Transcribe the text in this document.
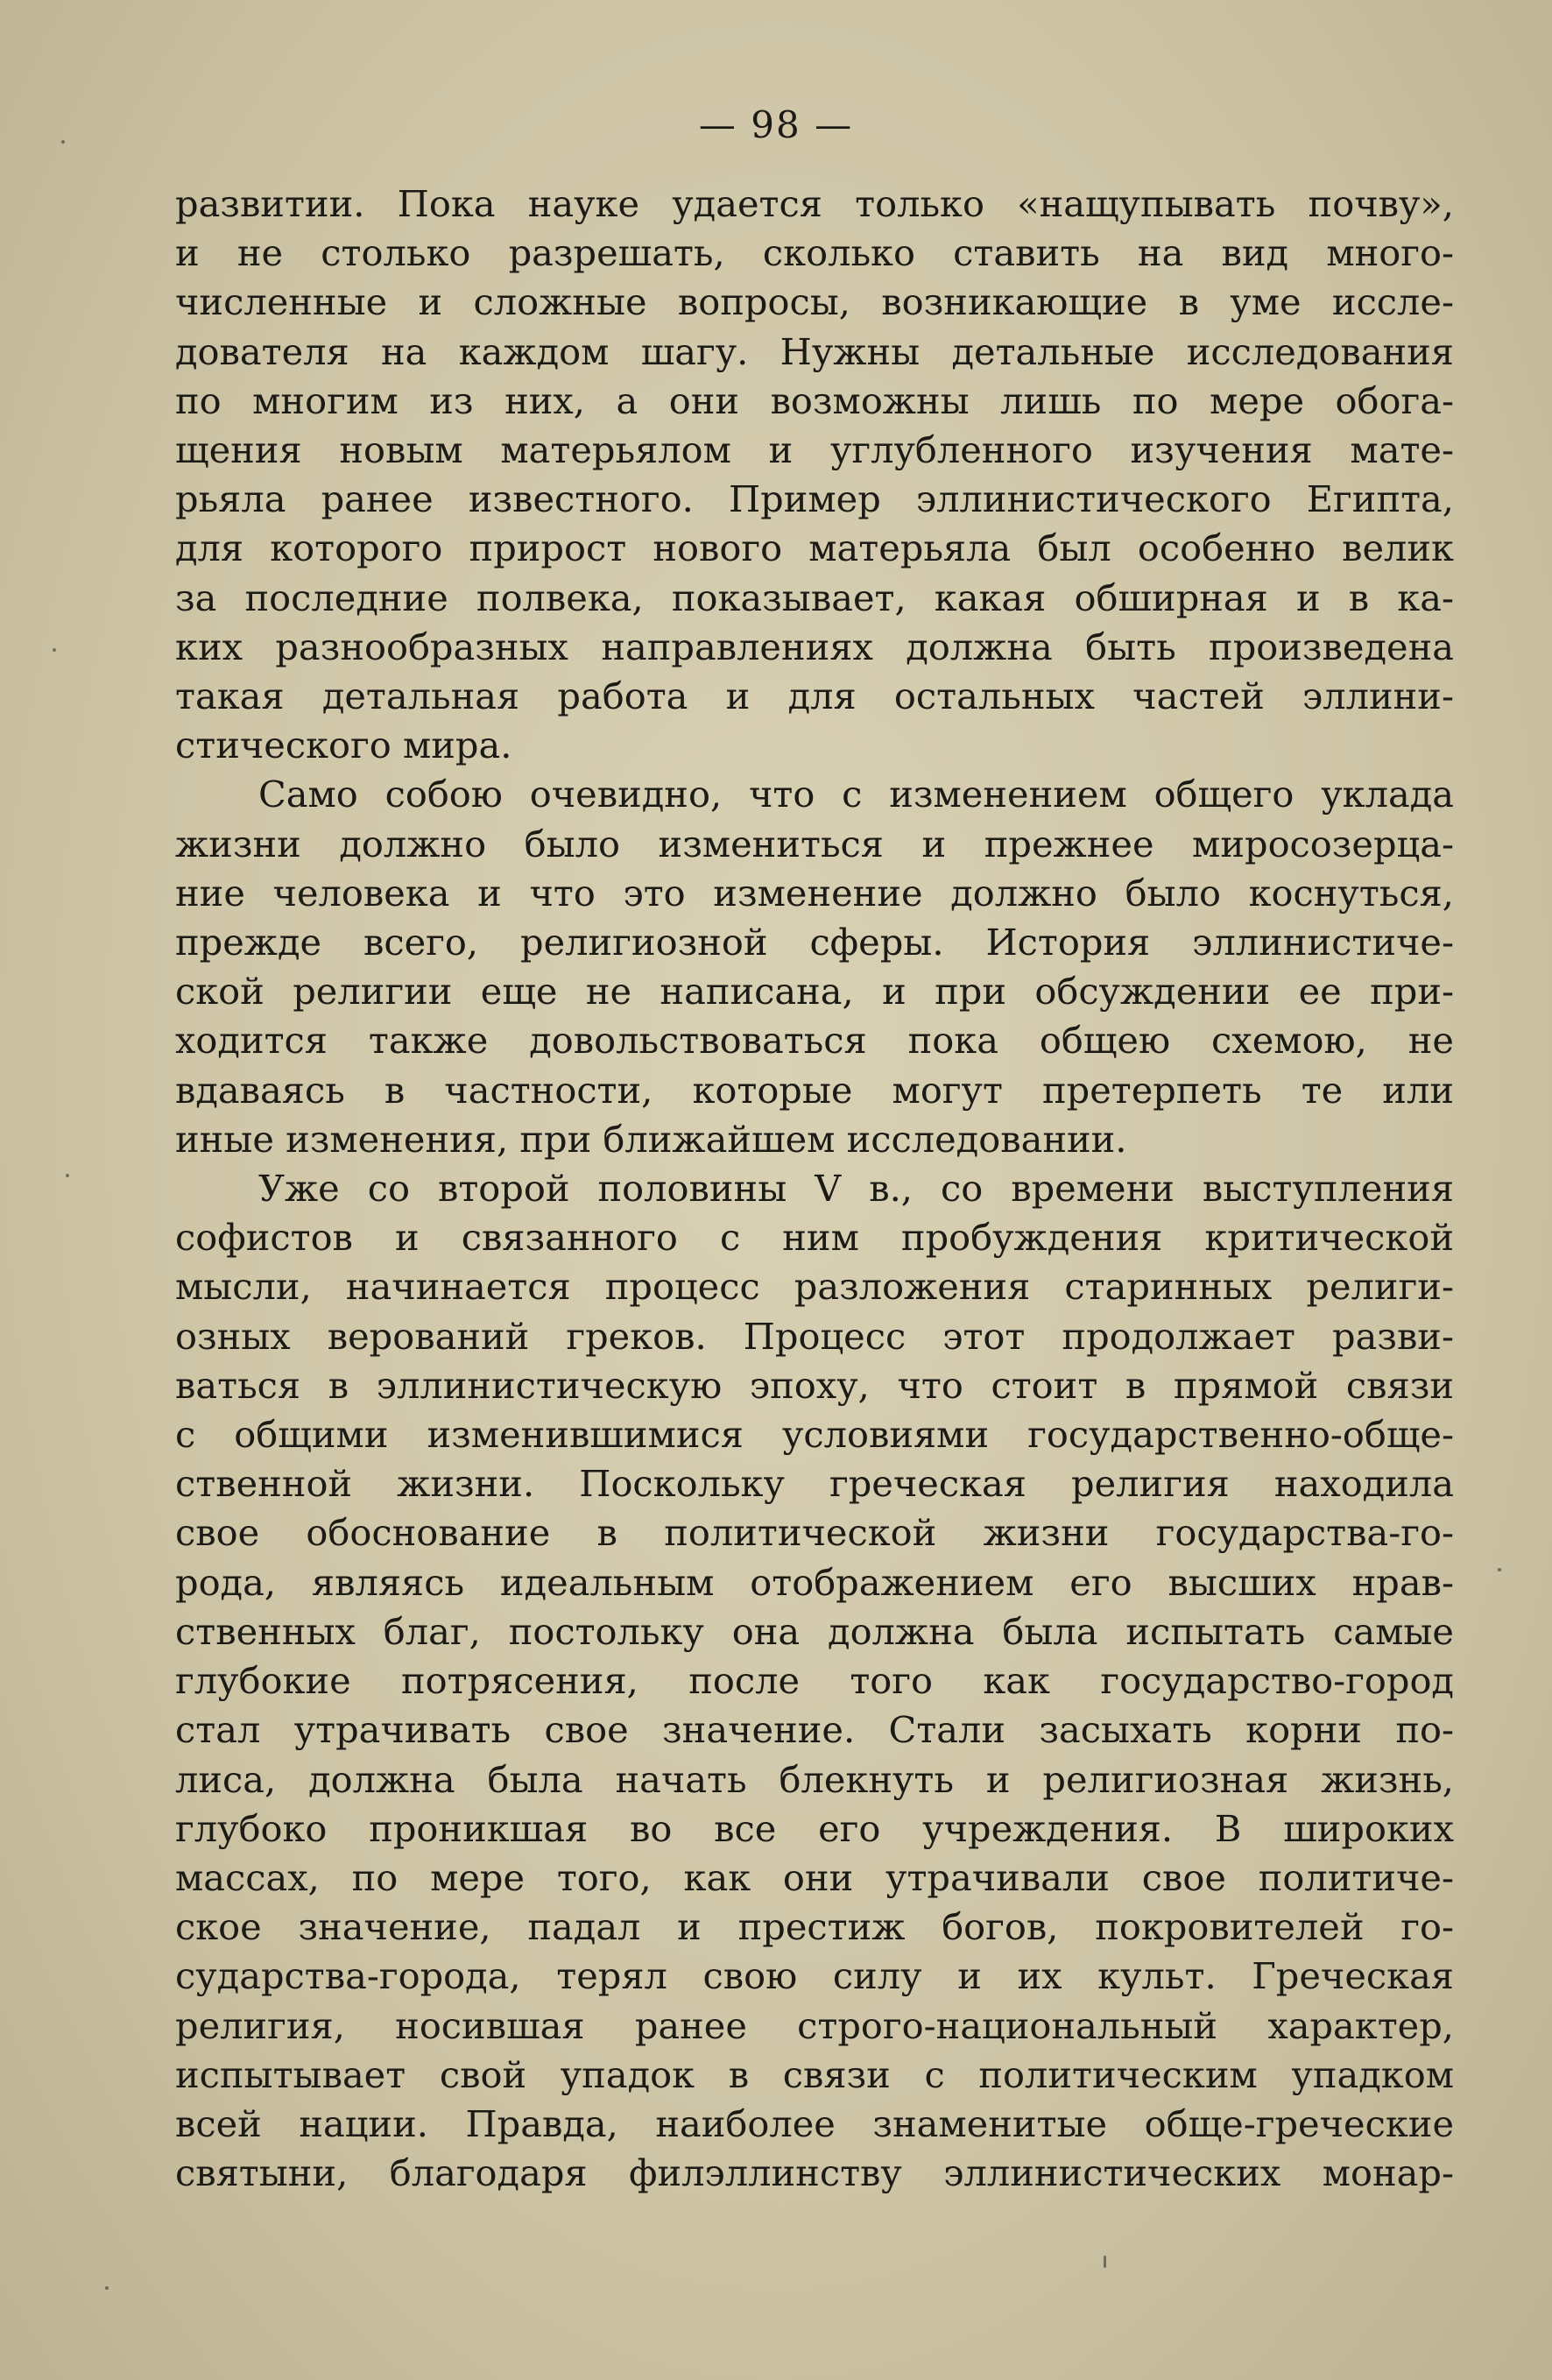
— 98 —
развитии. Пока науке удается только «нащупывать почву»,
и не столько разрешать, сколько ставить на вид много-
численные и сложные вопросы, возникающие в уме иссле-
дователя на каждом шагу. Нужны детальные исследования
по многим из них, а они возможны лишь по мере обога-
щения новым матерьялом и углубленного изучения мате-
рьяла ранее известного. Пример эллинистического Египта,
для которого прирост нового матерьяла был особенно велик
за последние полвека, показывает, какая обширная и в ка-
ких разнообразных направлениях должна быть произведена
такая детальная работа и для остальных частей эллини-
стического мира.
Само собою очевидно, что с изменением общего уклада
жизни должно было измениться и прежнее миросозерца-
ние человека и что это изменение должно было коснуться,
прежде всего, религиозной сферы. История эллинистиче-
ской религии еще не написана, и при обсуждении ее при-
ходится также довольствоваться пока общею схемою, не
вдаваясь в частности, которые могут претерпеть те или
иные изменения, при ближайшем исследовании.
Уже со второй половины V в., со времени выступления
софистов и связанного с ним пробуждения критической
мысли, начинается процесс разложения старинных религи-
озных верований греков. Процесс этот продолжает разви-
ваться в эллинистическую эпоху, что стоит в прямой связи
с общими изменившимися условиями государственно-обще-
ственной жизни. Поскольку греческая религия находила
свое обоснование в политической жизни государства-го-
рода, являясь идеальным отображением его высших нрав-
ственных благ, постольку она должна была испытать самые
глубокие потрясения, после того как государство-город
стал утрачивать свое значение. Стали засыхать корни по-
лиса, должна была начать блекнуть и религиозная жизнь,
глубоко проникшая во все его учреждения. В широких
массах, по мере того, как они утрачивали свое политиче-
ское значение, падал и престиж богов, покровителей го-
сударства-города, терял свою силу и их культ. Греческая
религия, носившая ранее строго-национальный характер,
испытывает свой упадок в связи с политическим упадком
всей нации. Правда, наиболее знаменитые обще-греческие
святыни, благодаря филэллинству эллинистических монар-
